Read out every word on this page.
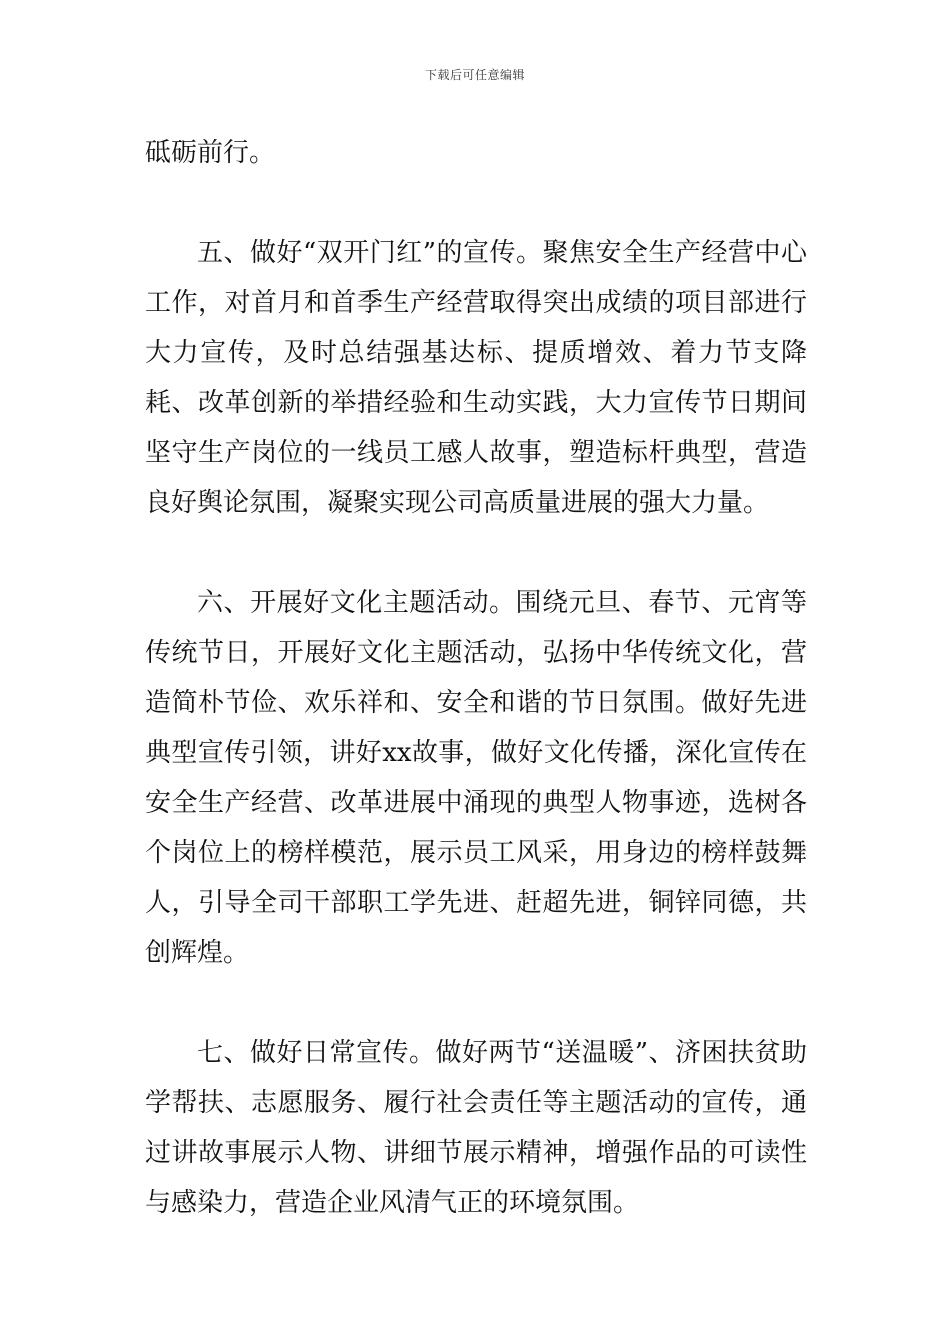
下载后可任意编辑

砥砺前行。

五、做好“双开门红”的宣传。聚焦安全生产经营中心工作，对首月和首季生产经营取得突出成绩的项目部进行大力宣传，及时总结强基达标、提质增效、着力节支降耗、改革创新的举措经验和生动实践，大力宣传节日期间坚守生产岗位的一线员工感人故事，塑造标杆典型，营造良好舆论氛围，凝聚实现公司高质量进展的强大力量。

六、开展好文化主题活动。围绕元旦、春节、元宵等传统节日，开展好文化主题活动，弘扬中华传统文化，营造简朴节俭、欢乐祥和、安全和谐的节日氛围。做好先进典型宣传引领，讲好xx故事，做好文化传播，深化宣传在安全生产经营、改革进展中涌现的典型人物事迹，选树各个岗位上的榜样模范，展示员工风采，用身边的榜样鼓舞人，引导全司干部职工学先进、赶超先进，铜锌同德，共创辉煌。

七、做好日常宣传。做好两节“送温暖”、济困扶贫助学帮扶、志愿服务、履行社会责任等主题活动的宣传，通过讲故事展示人物、讲细节展示精神，增强作品的可读性与感染力，营造企业风清气正的环境氛围。
